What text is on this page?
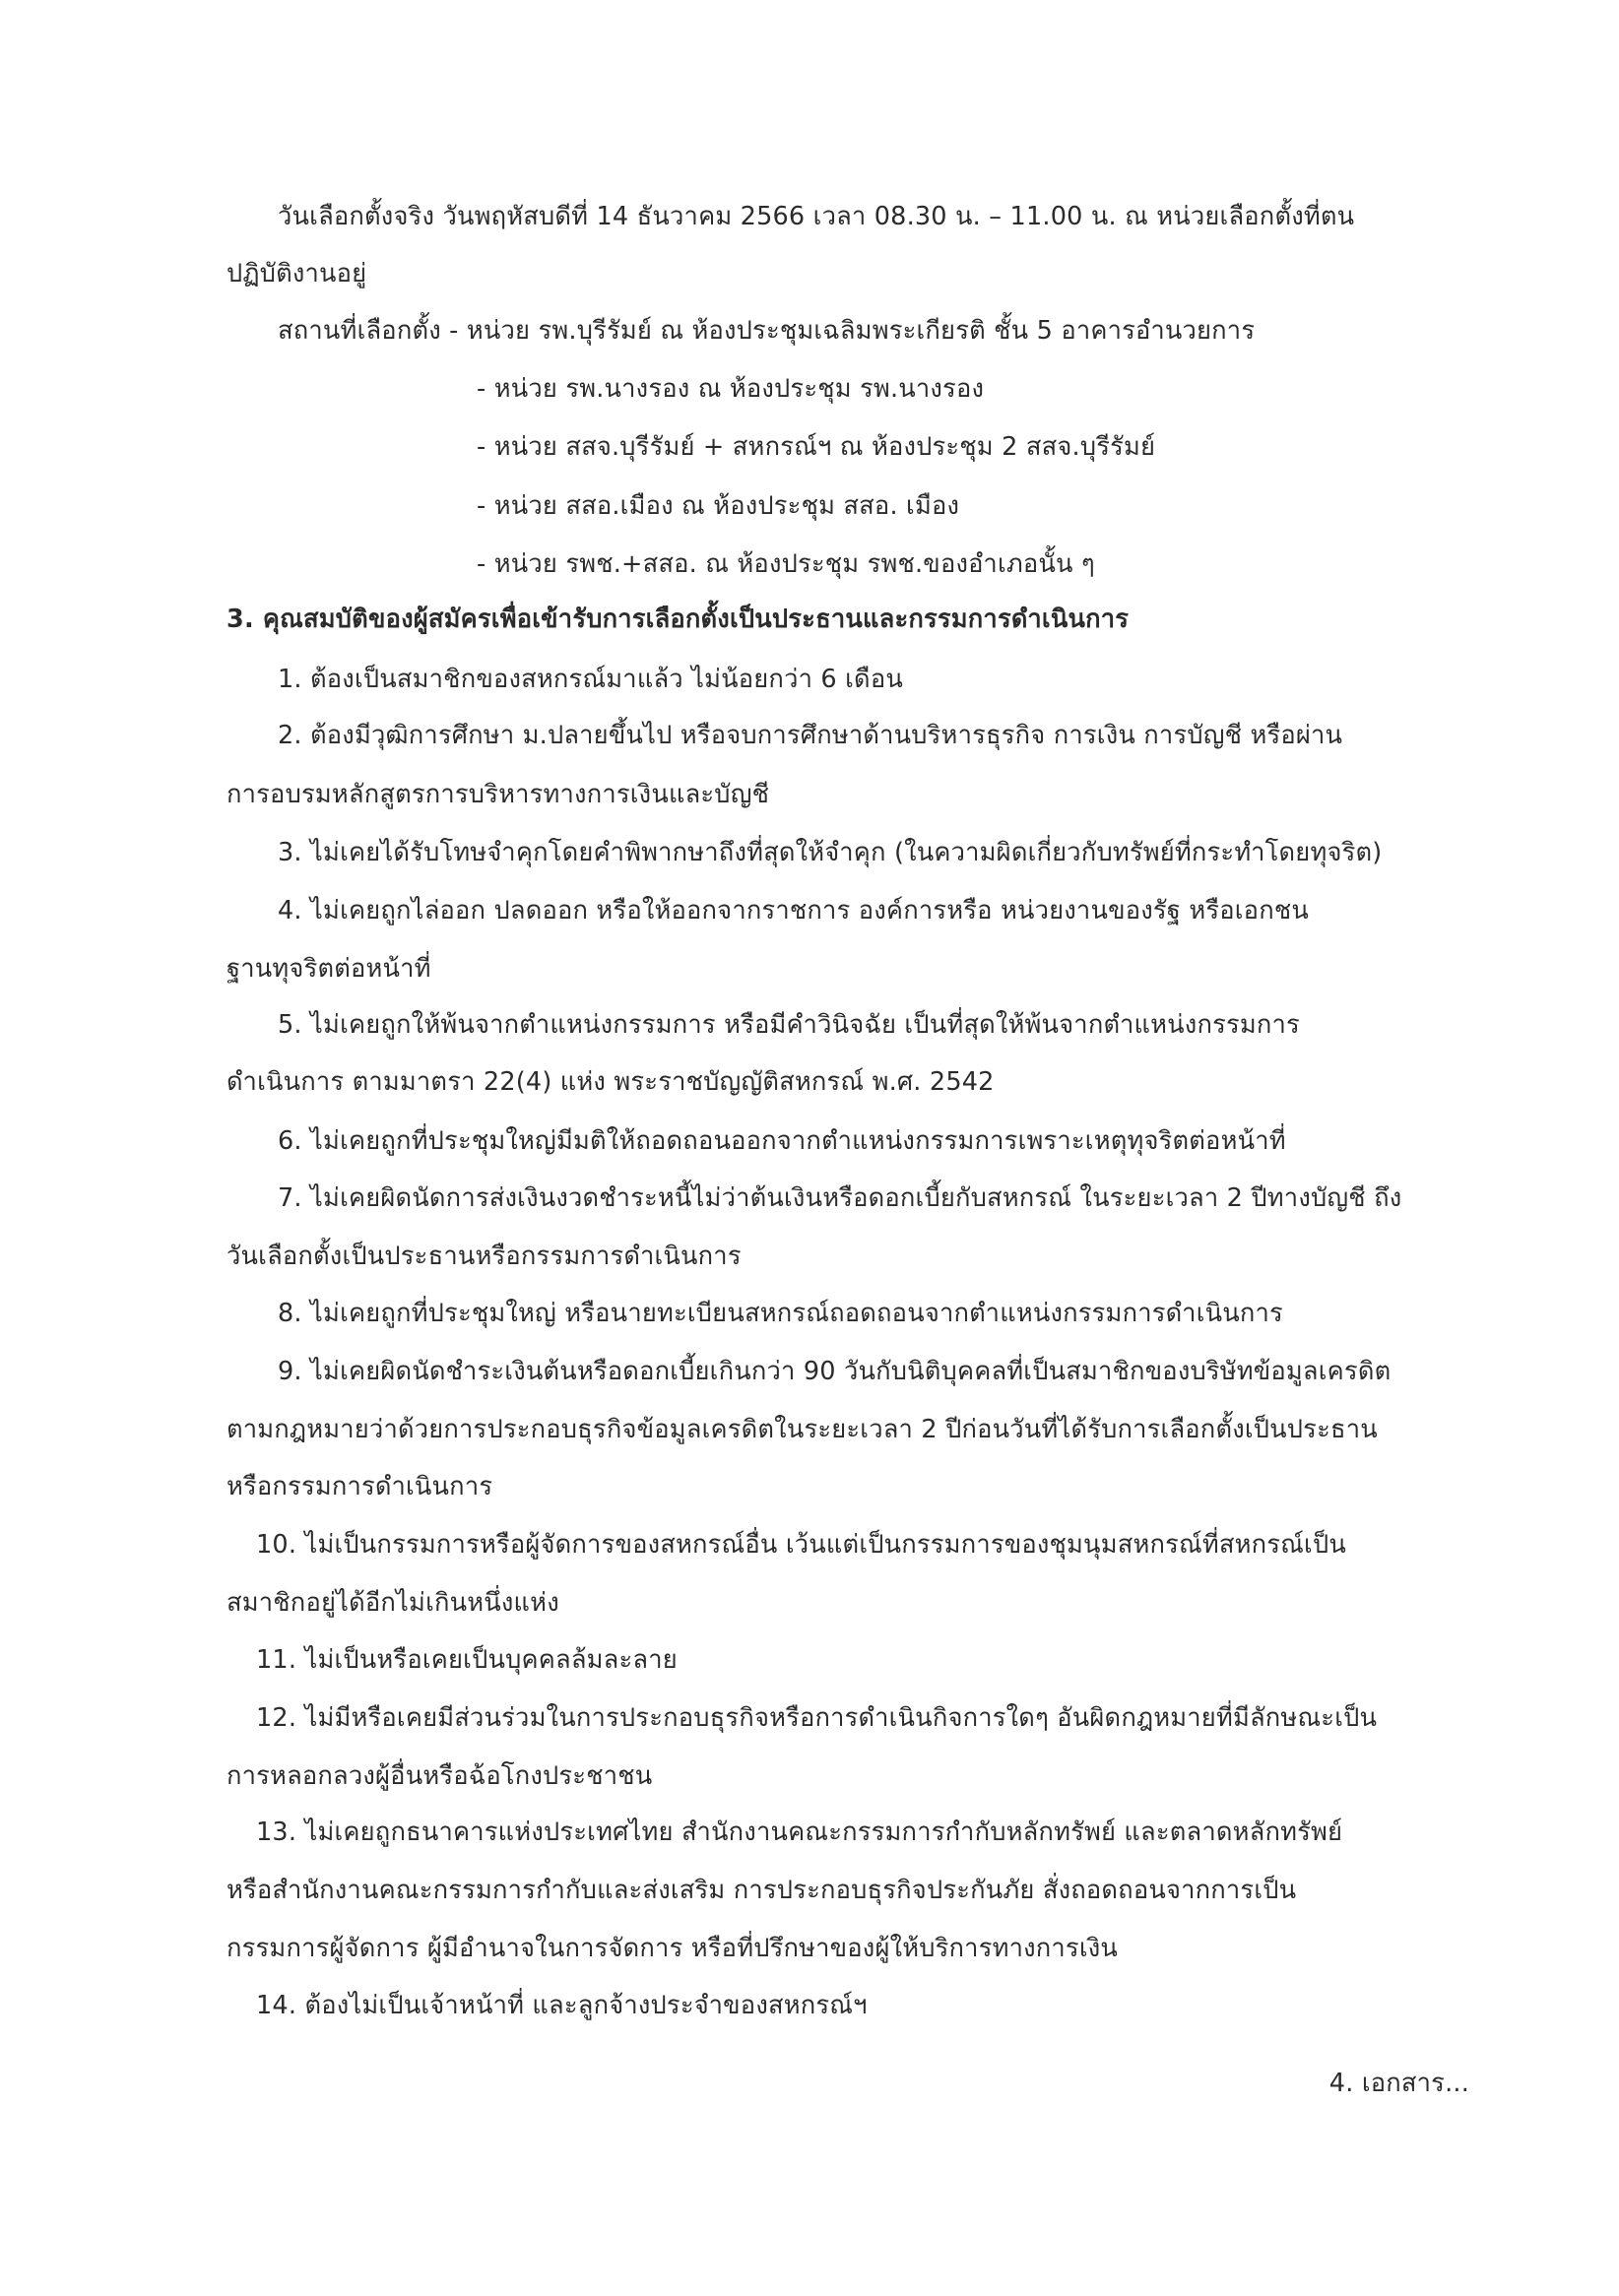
วันเลือกตั้งจริง วันพฤหัสบดีที่ 14 ธันวาคม 2566 เวลา 08.30 น. – 11.00 น. ณ หน่วยเลือกตั้งที่ตน
ปฏิบัติงานอยู่
สถานที่เลือกตั้ง - หน่วย รพ.บุรีรัมย์ ณ ห้องประชุมเฉลิมพระเกียรติ ชั้น 5 อาคารอำนวยการ
- หน่วย รพ.นางรอง ณ ห้องประชุม รพ.นางรอง
- หน่วย สสจ.บุรีรัมย์ + สหกรณ์ฯ ณ ห้องประชุม 2 สสจ.บุรีรัมย์
- หน่วย สสอ.เมือง ณ ห้องประชุม สสอ. เมือง
- หน่วย รพช.+สสอ. ณ ห้องประชุม รพช.ของอำเภอนั้น ๆ
3. คุณสมบัติของผู้สมัครเพื่อเข้ารับการเลือกตั้งเป็นประธานและกรรมการดำเนินการ
1. ต้องเป็นสมาชิกของสหกรณ์มาแล้ว ไม่น้อยกว่า 6 เดือน
2. ต้องมีวุฒิการศึกษา ม.ปลายขึ้นไป หรือจบการศึกษาด้านบริหารธุรกิจ การเงิน การบัญชี หรือผ่าน
การอบรมหลักสูตรการบริหารทางการเงินและบัญชี
3. ไม่เคยได้รับโทษจำคุกโดยคำพิพากษาถึงที่สุดให้จำคุก (ในความผิดเกี่ยวกับทรัพย์ที่กระทำโดยทุจริต)
4. ไม่เคยถูกไล่ออก ปลดออก หรือให้ออกจากราชการ องค์การหรือ หน่วยงานของรัฐ หรือเอกชน
ฐานทุจริตต่อหน้าที่
5. ไม่เคยถูกให้พ้นจากตำแหน่งกรรมการ หรือมีคำวินิจฉัย เป็นที่สุดให้พ้นจากตำแหน่งกรรมการ
ดำเนินการ ตามมาตรา 22(4) แห่ง พระราชบัญญัติสหกรณ์ พ.ศ. 2542
6. ไม่เคยถูกที่ประชุมใหญ่มีมติให้ถอดถอนออกจากตำแหน่งกรรมการเพราะเหตุทุจริตต่อหน้าที่
7. ไม่เคยผิดนัดการส่งเงินงวดชำระหนี้ไม่ว่าต้นเงินหรือดอกเบี้ยกับสหกรณ์ ในระยะเวลา 2 ปีทางบัญชี ถึง
วันเลือกตั้งเป็นประธานหรือกรรมการดำเนินการ
8. ไม่เคยถูกที่ประชุมใหญ่ หรือนายทะเบียนสหกรณ์ถอดถอนจากตำแหน่งกรรมการดำเนินการ
9. ไม่เคยผิดนัดชำระเงินต้นหรือดอกเบี้ยเกินกว่า 90 วันกับนิติบุคคลที่เป็นสมาชิกของบริษัทข้อมูลเครดิต
ตามกฎหมายว่าด้วยการประกอบธุรกิจข้อมูลเครดิตในระยะเวลา 2 ปีก่อนวันที่ได้รับการเลือกตั้งเป็นประธาน
หรือกรรมการดำเนินการ
10. ไม่เป็นกรรมการหรือผู้จัดการของสหกรณ์อื่น เว้นแต่เป็นกรรมการของชุมนุมสหกรณ์ที่สหกรณ์เป็น
สมาชิกอยู่ได้อีกไม่เกินหนึ่งแห่ง
11. ไม่เป็นหรือเคยเป็นบุคคลล้มละลาย
12. ไม่มีหรือเคยมีส่วนร่วมในการประกอบธุรกิจหรือการดำเนินกิจการใดๆ อันผิดกฎหมายที่มีลักษณะเป็น
การหลอกลวงผู้อื่นหรือฉ้อโกงประชาชน
13. ไม่เคยถูกธนาคารแห่งประเทศไทย สำนักงานคณะกรรมการกำกับหลักทรัพย์ และตลาดหลักทรัพย์
หรือสำนักงานคณะกรรมการกำกับและส่งเสริม การประกอบธุรกิจประกันภัย สั่งถอดถอนจากการเป็น
กรรมการผู้จัดการ ผู้มีอำนาจในการจัดการ หรือที่ปรึกษาของผู้ให้บริการทางการเงิน
14. ต้องไม่เป็นเจ้าหน้าที่ และลูกจ้างประจำของสหกรณ์ฯ
4. เอกสาร...
